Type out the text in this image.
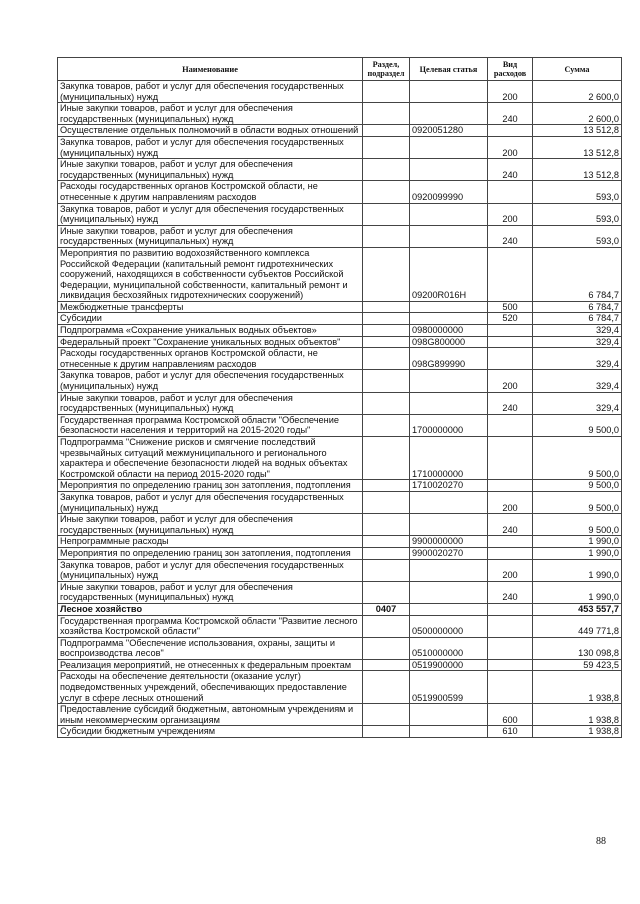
Наименование	Раздел, подраздел	Целевая статья	Вид расходов	Сумма
Закупка товаров, работ и услуг для обеспечения государственных (муниципальных) нужд			200	2 600,0
Иные закупки товаров, работ и услуг для обеспечения государственных (муниципальных) нужд			240	2 600,0
Осуществление отдельных полномочий в области водных отношений		0920051280		13 512,8
Закупка товаров, работ и услуг для обеспечения государственных (муниципальных) нужд			200	13 512,8
Иные закупки товаров, работ и услуг для обеспечения государственных (муниципальных) нужд			240	13 512,8
Расходы государственных органов Костромской области, не отнесенные к другим направлениям расходов		0920099990		593,0
Закупка товаров, работ и услуг для обеспечения государственных (муниципальных) нужд			200	593,0
Иные закупки товаров, работ и услуг для обеспечения государственных (муниципальных) нужд			240	593,0
Мероприятия по развитию водохозяйственного комплекса Российской Федерации (капитальный ремонт гидротехнических сооружений, находящихся в собственности субъектов Российской Федерации, муниципальной собственности, капитальный ремонт и ликвидация бесхозяйных гидротехнических сооружений)		09200R016H		6 784,7
Межбюджетные трансферты			500	6 784,7
Субсидии			520	6 784,7
Подпрограмма «Сохранение уникальных водных объектов»		0980000000		329,4
Федеральный проект "Сохранение уникальных водных объектов"		098G800000		329,4
Расходы государственных органов Костромской области, не отнесенные к другим направлениям расходов		098G899990		329,4
Закупка товаров, работ и услуг для обеспечения государственных (муниципальных) нужд			200	329,4
Иные закупки товаров, работ и услуг для обеспечения государственных (муниципальных) нужд			240	329,4
Государственная программа Костромской области "Обеспечение безопасности населения и территорий на 2015-2020 годы"		1700000000		9 500,0
Подпрограмма "Снижение рисков и смягчение последствий чрезвычайных ситуаций межмуниципального и регионального характера и обеспечение безопасности людей на водных объектах Костромской области на период 2015-2020 годы"		1710000000		9 500,0
Мероприятия по определению границ зон затопления, подтопления		1710020270		9 500,0
Закупка товаров, работ и услуг для обеспечения государственных (муниципальных) нужд			200	9 500,0
Иные закупки товаров, работ и услуг для обеспечения государственных (муниципальных) нужд			240	9 500,0
Непрограммные расходы		9900000000		1 990,0
Мероприятия по определению границ зон затопления, подтопления		9900020270		1 990,0
Закупка товаров, работ и услуг для обеспечения государственных (муниципальных) нужд			200	1 990,0
Иные закупки товаров, работ и услуг для обеспечения государственных (муниципальных) нужд			240	1 990,0
Лесное хозяйство	0407			453 557,7
Государственная программа Костромской области "Развитие лесного хозяйства Костромской области"		0500000000		449 771,8
Подпрограмма "Обеспечение использования, охраны, защиты и воспроизводства лесов"		0510000000		130 098,8
Реализация мероприятий, не отнесенных к федеральным проектам		0519900000		59 423,5
Расходы на обеспечение деятельности (оказание услуг) подведомственных учреждений, обеспечивающих предоставление услуг в сфере лесных отношений		0519900599		1 938,8
Предоставление субсидий бюджетным, автономным учреждениям и иным некоммерческим организациям			600	1 938,8
Субсидии бюджетным учреждениям			610	1 938,8
88
